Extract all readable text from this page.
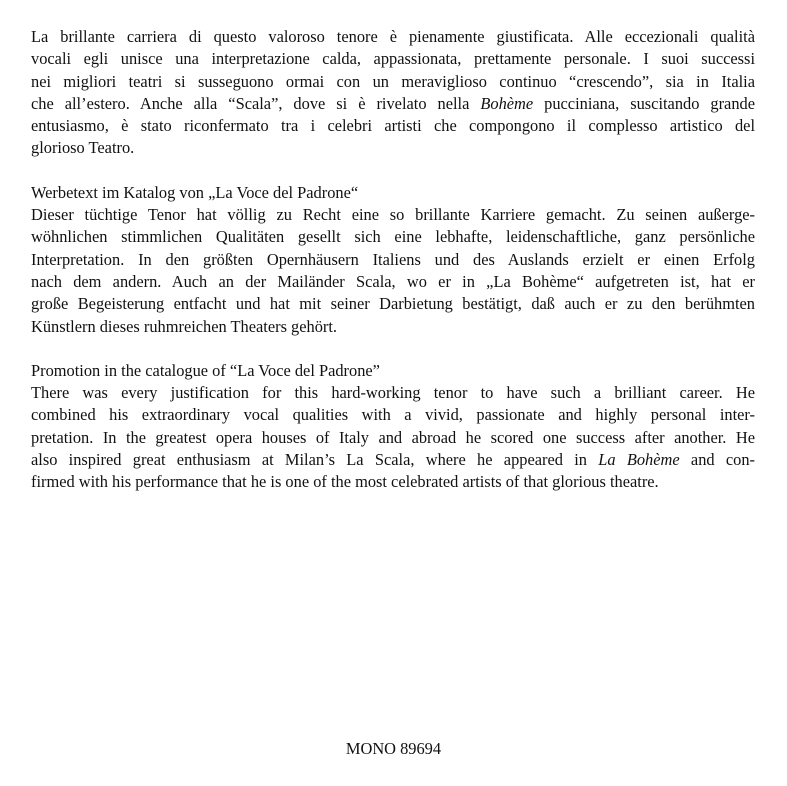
La brillante carriera di questo valoroso tenore è pienamente giustificata. Alle eccezionali qualità
vocali egli unisce una interpretazione calda, appassionata, prettamente personale. I suoi successi
nei migliori teatri si susseguono ormai con un meraviglioso continuo “crescendo”, sia in Italia
che all’estero. Anche alla “Scala”, dove si è rivelato nella Bohème pucciniana, suscitando grande
entusiasmo, è stato riconfermato tra i celebri artisti che compongono il complesso artistico del
glorioso Teatro.
Werbetext im Katalog von „La Voce del Padrone“
Dieser tüchtige Tenor hat völlig zu Recht eine so brillante Karriere gemacht. Zu seinen außerge-
wöhnlichen stimmlichen Qualitäten gesellt sich eine lebhafte, leidenschaftliche, ganz persönliche
Interpretation. In den größten Opernhäusern Italiens und des Auslands erzielt er einen Erfolg
nach dem andern. Auch an der Mailänder Scala, wo er in „La Bohème“ aufgetreten ist, hat er
große Begeisterung entfacht und hat mit seiner Darbietung bestätigt, daß auch er zu den berühmten
Künstlern dieses ruhmreichen Theaters gehört.
Promotion in the catalogue of “La Voce del Padrone”
There was every justification for this hard-working tenor to have such a brilliant career. He
combined his extraordinary vocal qualities with a vivid, passionate and highly personal inter-
pretation. In the greatest opera houses of Italy and abroad he scored one success after another. He
also inspired great enthusiasm at Milan’s La Scala, where he appeared in La Bohème and con-
firmed with his performance that he is one of the most celebrated artists of that glorious theatre.
MONO 89694
